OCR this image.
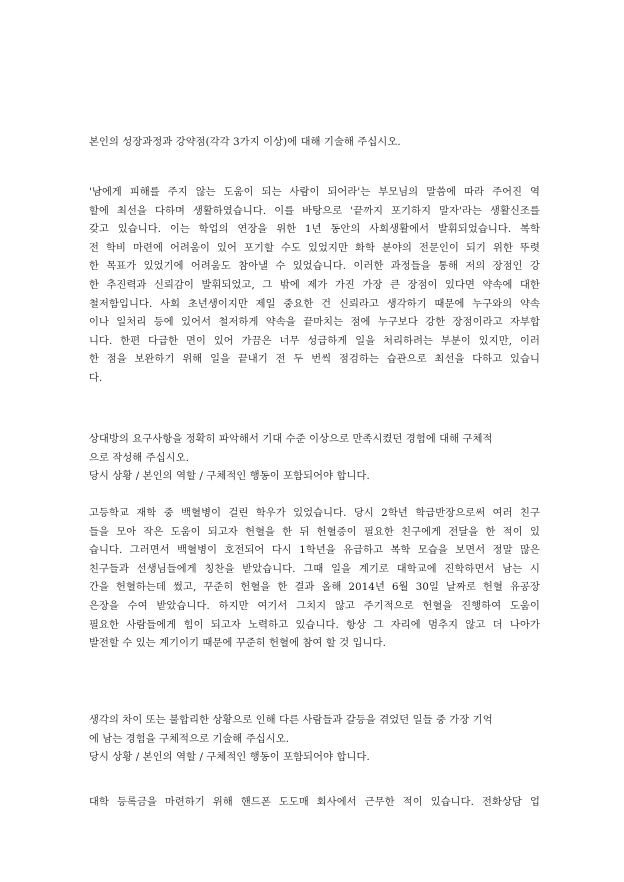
본인의 성장과정과 강약점(각각 3가지 이상)에 대해 기술해 주십시오.
'남에게 피해를 주지 않는 도움이 되는 사람이 되어라'는 부모님의 말씀에 따라 주어진 역
할에 최선을 다하며 생활하였습니다. 이를 바탕으로 '끝까지 포기하지 말자'라는 생활신조를
갖고 있습니다. 이는 학업의 연장을 위한 1년 동안의 사회생활에서 발휘되었습니다. 복학
전 학비 마련에 어려움이 있어 포기할 수도 있었지만 화학 분야의 전문인이 되기 위한 뚜렷
한 목표가 있었기에 어려움도 참아낼 수 있었습니다. 이러한 과정들을 통해 저의 장점인 강
한 추진력과 신뢰감이 발휘되었고, 그 밖에 제가 가진 가장 큰 장점이 있다면 약속에 대한
철저함입니다. 사회 초년생이지만 제일 중요한 건 신뢰라고 생각하기 때문에 누구와의 약속
이나 일처리 등에 있어서 철저하게 약속을 끝마치는 점에 누구보다 강한 장점이라고 자부합
니다. 한편 다급한 면이 있어 가끔은 너무 성급하게 일을 처리하려는 부분이 있지만, 이러
한 점을 보완하기 위해 일을 끝내기 전 두 번씩 점검하는 습관으로 최선을 다하고 있습니
다.
상대방의 요구사항을 정확히 파악해서 기대 수준 이상으로 만족시켰던 경험에 대해 구체적
으로 작성해 주십시오.
당시 상황 / 본인의 역할 / 구체적인 행동이 포함되어야 합니다.
고등학교 재학 중 백혈병이 걸린 학우가 있었습니다. 당시 2학년 학급반장으로써 여러 친구
들을 모아 작은 도움이 되고자 헌혈을 한 뒤 헌혈증이 필요한 친구에게 전달을 한 적이 있
습니다. 그러면서 백혈병이 호전되어 다시 1학년을 유급하고 복학 모습을 보면서 정말 많은
친구들과 선생님들에게 칭찬을 받았습니다. 그때 일을 계기로 대학교에 진학하면서 남는 시
간을 헌혈하는데 썼고, 꾸준히 헌혈을 한 결과 올해 2014년 6월 30일 날짜로 헌혈 유공장
은장을 수여 받았습니다. 하지만 여기서 그치지 않고 주기적으로 헌혈을 진행하여 도움이
필요한 사람들에게 힘이 되고자 노력하고 있습니다. 항상 그 자리에 멈추지 않고 더 나아가
발전할 수 있는 계기이기 때문에 꾸준히 헌혈에 참여 할 것 입니다.
생각의 차이 또는 불합리한 상황으로 인해 다른 사람들과 갈등을 겪었던 일들 중 가장 기억
에 남는 경험을 구체적으로 기술해 주십시오.
당시 상황 / 본인의 역할 / 구체적인 행동이 포함되어야 합니다.
대학 등록금을 마련하기 위해 핸드폰 도도매 회사에서 근무한 적이 있습니다. 전화상담 업
